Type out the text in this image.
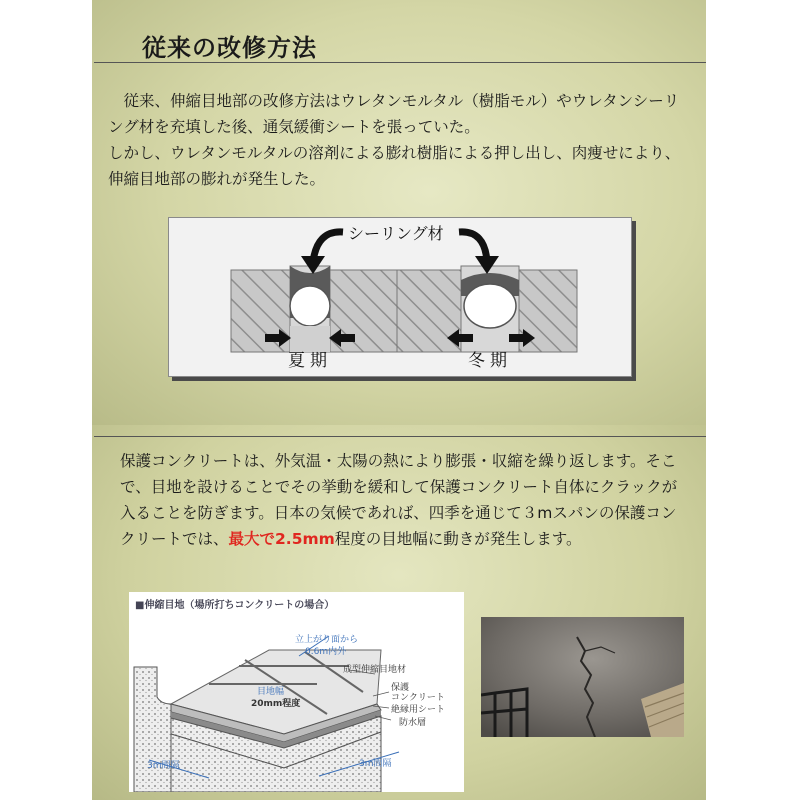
従来の改修方法

従来、伸縮目地部の改修方法はウレタンモルタル（樹脂モル）やウレタンシーリング材を充填した後、通気緩衝シートを張っていた。

しかし、ウレタンモルタルの溶剤による膨れ樹脂による押し出し、肉痩せにより、伸縮目地部の膨れが発生した。

シーリング材
夏期	冬期

保護コンクリートは、外気温・太陽の熱により膨張・収縮を繰り返します。そこで、目地を設けることでその挙動を緩和して保護コンクリート自体にクラックが入ることを防ぎます。日本の気候であれば、四季を通じて３mスパンの保護コンクリートでは、最大で2.5mm程度の目地幅に動きが発生します。

■伸縮目地（場所打ちコンクリートの場合）
立上がり面から
0.6m内外
成型伸縮目地材
目地幅
20mm程度
保護
コンクリート
絶縁用シート
防水層
3m間隔	3m間隔
